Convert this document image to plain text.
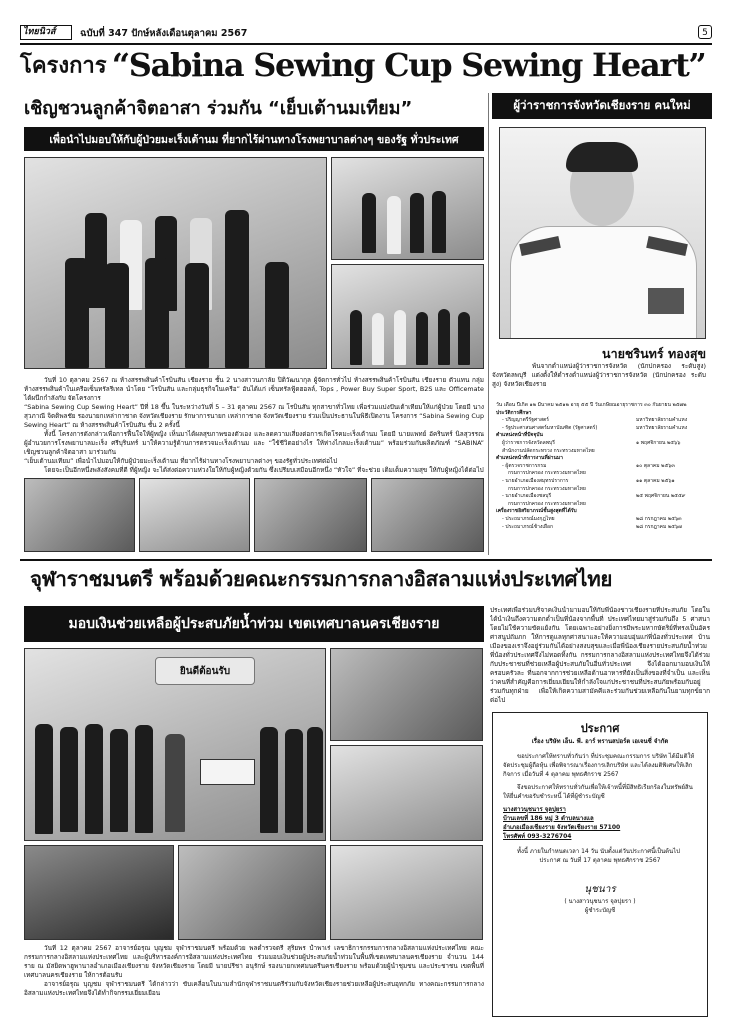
ไทยนิวส์	ฉบับที่ 347 ปักษ์หลังเดือนตุลาคม 2567	5
โครงการ “Sabina Sewing Cup Sewing Heart”
เชิญชวนลูกค้าจิตอาสา ร่วมกัน “เย็บเต้านมเทียม”
เพื่อนำไปมอบให้กับผู้ป่วยมะเร็งเต้านม ที่ยากไร้ผ่านทางโรงพยาบาลต่างๆ ของรัฐ ทั่วประเทศ
วันที่ 10 ตุลาคม 2567 ณ ห้างสรรพสินค้าโรบินสัน เชียงราย ชั้น 2 นางสาวนภาลัย ปิติวัฒนากุล ผู้จัดการทั่วไป ห้างสรรพสินค้าโรบินสัน เชียงราย ตัวแทน กลุ่มห้างสรรพสินค้าในเครือเซ็นทรัลรีเทล นำโดย “โรบินสัน และกลุ่มธุรกิจในเครือ” อันได้แก่ เซ็นทรัลฟู้ดฮอลล์, Tops , Power Buy Super Sport, B2S และ Officemate ได้ผนึกกำลังกับ จัดโครงการ
“Sabina Sewing Cup Sewing Heart” ปีที่ 18 ขึ้น ในระหว่างวันที่ 5 – 31 ตุลาคม 2567 ณ โรบินสัน ทุกสาขาทั่วไทย เพื่อร่วมแบ่งปันเต้าเทียมให้แก่ผู้ป่วย โดยมี นางสุวภาณี จิตติพลชัย รองนายกเหล่ากาชาด จังหวัดเชียงราย รักษาการนายก เหล่ากาชาด จังหวัดเชียงราย ร่วมเป็นประธานในพิธีเปิดงาน โครงการ “Sabina Sewing Cup Sewing Heart” ณ ห้างสรรพสินค้าโรบินสัน ชั้น 2 ครั้งนี้
ทั้งนี้ โครงการดังกล่าวเพื่อการฟื้นใจให้ผู้หญิง เห็นมาได้ผลสุขภาพของตัวเอง และลดความเสี่ยงต่อการเกิดโรคมะเร็งเต้านม โดยมี นายแพทย์ อัครินทร์ นิลสุวรรณ ผู้อำนวยการโรงพยาบาลมะเร็ง ศรีบุรินทร์ มาให้ความรู้ด้านการตรวจมะเร็งเต้านม และ “ใช้ชีวิตอย่างไร ให้ห่างไกลมะเร็งเต้านม” พร้อมร่วมกับผลิตภัณฑ์ “SABINA” เชิญชวนลูกค้าจิตอาสา มาร่วมกัน
“เย็บเต้านมเทียม” เพื่อนำไปมอบให้กับผู้ป่วยมะเร็งเต้านม ที่ยากไร้ผ่านทางโรงพยาบาลต่างๆ ของรัฐทั่วประเทศต่อไป
โดยจะเป็นอีกหนึ่งพลังสังคมที่ดี ที่ผู้หญิง จะได้ส่งต่อความห่วงใยให้กับผู้หญิงด้วยกัน ซึ่งเปรียบเสมือนอีกหนึ่ง “หัวใจ” ที่จะช่วย เติมเต็มความสุข ให้กับผู้หญิงได้ต่อไป
ผู้ว่าราชการจังหวัดเชียงราย คนใหม่
นายชรินทร์ ทองสุข
พ้นจากตำแหน่งผู้ว่าราชการจังหวัด (นักปกครอง ระดับสูง) จังหวัดลพบุรี แต่งตั้งให้ดำรงตำแหน่งผู้ว่าราชการจังหวัด (นักปกครอง ระดับสูง) จังหวัดเชียงราย
วัน เดือน ปีเกิด ๑๒ มีนาคม ๒๕๑๒ อายุ ๕๕ ปี วันเกษียณอายุราชการ ๓๐ กันยายน ๒๕๗๒
ประวัติการศึกษา
- ปริญญาตรีรัฐศาสตร์	มหาวิทยาลัยรามคำแหง
- รัฐประศาสนศาสตร์มหาบัณฑิต (รัฐศาสตร์)	มหาวิทยาลัยรามคำแหง
ตำแหน่งหน้าที่ปัจจุบัน
ผู้ว่าราชการจังหวัดลพบุรี	๑ พฤศจิกายน ๒๕๖๖
สำนักงานปลัดกระทรวง กระทรวงมหาดไทย
ตำแหน่งหน้าที่การงานที่ผ่านมา
- ผู้ตรวจราชการกรม	๑๐ ตุลาคม ๒๕๖๓
กรมการปกครอง กระทรวงมหาดไทย
- นายอำเภอเมืองสมุทรปราการ	๑๑ ตุลาคม ๒๕๖๑
กรมการปกครอง กระทรวงมหาดไทย
- นายอำเภอเมืองชลบุรี	๒๕ พฤศจิกายน ๒๕๕๙
กรมการปกครอง กระทรวงมหาดไทย
เครื่องราชอิสริยาภรณ์ชั้นสูงสุดที่ได้รับ
- ประถมาภรณ์มงกุฎไทย	๒๘ กรกฎาคม ๒๕๖๓
- ประถมาภรณ์ช้างเผือก	๒๘ กรกฎาคม ๒๕๖๗
จุฬาราชมนตรี พร้อมด้วยคณะกรรมการกลางอิสลามแห่งประเทศไทย
มอบเงินช่วยเหลือผู้ประสบภัยน้ำท่วม เขตเทศบาลนครเชียงราย
ยินดีต้อนรับ
วันที่ 12 ตุลาคม 2567 อาจารย์อรุณ บุญชม จุฬาราชมนตรี พร้อมด้วย พลตำรวจตรี สุริยพร ปำพาเร่ เลขาธิการกรรมการกลางอิสลามแห่งประเทศไทย คณะกรรมการกลางอิสลามแห่งประเทศไทย และผู้บริหารองค์การอิสลามแห่งประเทศไทย ร่วมมอบเงินช่วยผู้ประสบภัยน้ำท่วมในพื้นที่เขตเทศบาลนครเชียงราย จำนวน 144 ราย ณ มัสยิดพาฮูพานาลอำเภอเมืองเชียงราย จังหวัดเชียงราย โดยมี นายปรีชา อนุรักษ์ รองนายกเทศมนตรีนครเชียงราย พร้อมด้วยผู้นำชุมชน และประชาชน เขตพื้นที่เทศบาลนครเชียงราย ให้การต้อนรับ
อาจารย์อรุณ บุญชม จุฬาราชมนตรี ได้กล่าวว่า ขับเคลื่อนในนามสำนักจุฬาราชมนตรีร่วมกับจังหวัดเชียงรายช่วยเหลือผู้ประสบอุทกภัย ทางคณะกรรมการกลางอิสลามแห่งประเทศไทยจึงได้ทำกิจกรรมเยี่ยมเยือน
ประเทศเพื่อร่วมบริจาคเงินนำมามอบให้กับพี่น้องชาวเชียงรายที่ประสบภัย โดยในได้นำเงินถึงความตกต่ำเป็นพี่น้องจากพื้นที่ ประเทศไทยมาสู่ร่วมกันถึง 5 ศาสนา โดยไม่ใช้ความขัดแย้งกัน โดยเฉพาะอย่างยิ่งการมีพระมหากษัตริย์ที่ทรงเป็นอัครศาสนูปถัมภก ให้การดูแลทุกศาสนาและให้ความอบอุ่นแก่พี่น้องทั่วประเทศ บ้านเมืองของเราจึงอยู่ร่วมกันได้อย่างสงบสุขและเมื่อพี่น้องเชียงรายประสบภัยน้ำท่วมพี่น้องทั่วประเทศจึงไม่ทอดทิ้งกัน กรรมการกลางอิสลามแห่งประเทศไทยจึงได้ร่วมกับประชาชนที่ช่วยเหลือผู้ประสบภัยในอื่นทั่วประเทศ จึงได้ออกมามอบเงินให้ครอบครัวละ ที่นอกจากการช่วยเหลือด้านอาหารที่ยังเป็นสิ่งของที่จำเป็น และเห็นว่าคนที่สำคัญคือการเยี่ยมเยียนให้กำลังใจแก่ประชาชนที่ประสบภัยพร้อมกับอยู่ร่วมกันทุกฝ่าย เพื่อให้เกิดความสามัคคีและร่วมกันช่วยเหลือกันในยามทุกข์ยากต่อไป
ประกาศ
เรื่อง บริษัท เอ็น. พี. อาร์ ทรานสปอร์ต เอเจนซี่ จำกัด
ขอประกาศให้ทราบทั่วกันว่า ที่ประชุมคณะกรรมการ บริษัท ได้มีมติให้จัดประชุมผู้ถือหุ้น เพื่อพิจารณาเรื่องการเลิกบริษัท และได้ลงมติพิเศษให้เลิกกิจการ เมื่อวันที่ 4 ตุลาคม พุทธศักราช 2567
จึงขอประกาศให้ทราบทั่วกันเพื่อให้เจ้าหนี้ที่มีสิทธิเรียกร้องในทรัพย์สินให้ยื่นคำขอรับชำระหนี้ ได้ที่ผู้ชำระบัญชี
นางสาวนุชนาร จุลปุยรา
บ้านเลขที่ 186 หมู่ 3 ตำบลนางแล
อำเภอเมืองเชียงราย จังหวัดเชียงราย 57100
โทรศัพท์ 093-3276704
ทั้งนี้ ภายในกำหนดเวลา 14 วัน นับตั้งแต่วันประกาศนี้เป็นต้นไป
ประกาศ ณ วันที่ 17 ตุลาคม พุทธศักราช 2567
นุชนาร
( นางสาวนุชนาร จุลปุยรา )
ผู้ชำระบัญชี
